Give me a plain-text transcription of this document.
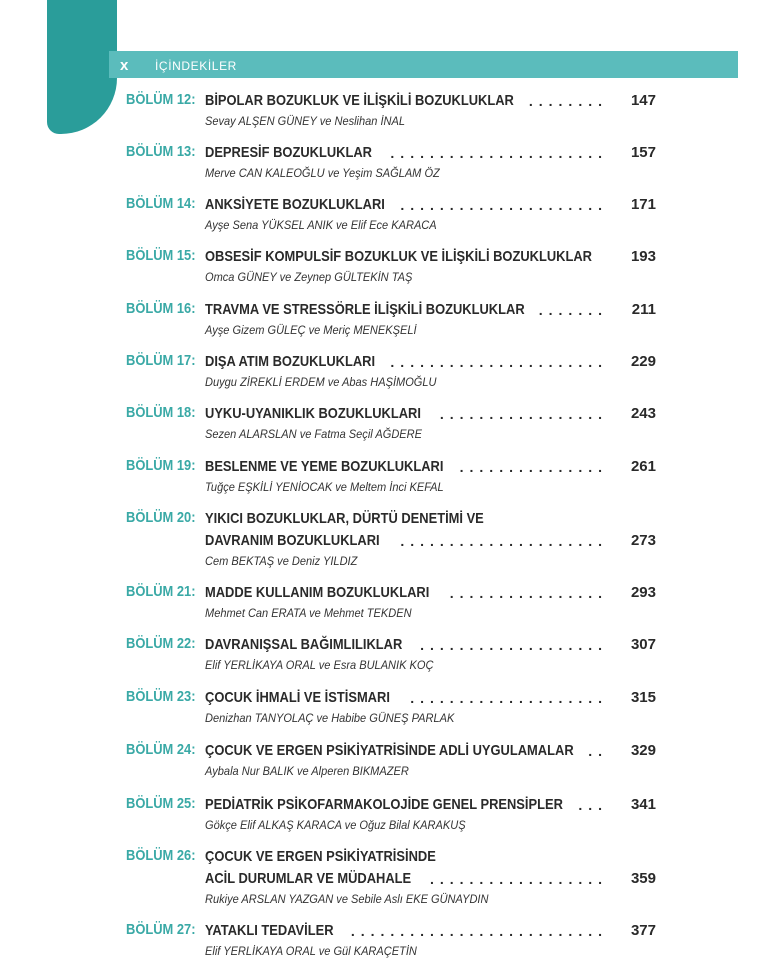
x İÇİNDEKİLER
BÖLÜM 12: BİPOLAR BOZUKLUK VE İLİŞKİLİ BOZUKLUKLAR	........	147
Sevay ALŞEN GÜNEY ve Neslihan İNAL
BÖLÜM 13: DEPRESİF BOZUKLUKLAR	......................	157
Merve CAN KALEOĞLU ve Yeşim SAĞLAM ÖZ
BÖLÜM 14: ANKSİYETE BOZUKLUKLARI	.....................	171
Ayşe Sena YÜKSEL ANIK ve Elif Ece KARACA
BÖLÜM 15: OBSESİF KOMPULSİF BOZUKLUK VE İLİŞKİLİ BOZUKLUKLAR	193
Omca GÜNEY ve Zeynep GÜLTEKİN TAŞ
BÖLÜM 16: TRAVMA VE STRESSÖRLE İLİŞKİLİ BOZUKLUKLAR	.......	211
Ayşe Gizem GÜLEÇ ve Meriç MENEKŞELİ
BÖLÜM 17: DIŞA ATIM BOZUKLUKLARI	......................	229
Duygu ZİREKLİ ERDEM ve Abas HAŞİMOĞLU
BÖLÜM 18: UYKU-UYANIKLIK BOZUKLUKLARI	.................	243
Sezen ALARSLAN ve Fatma Seçil AĞDERE
BÖLÜM 19: BESLENME VE YEME BOZUKLUKLARI	...............	261
Tuğçe EŞKİLİ YENİOCAK ve Meltem İnci KEFAL
BÖLÜM 20: YIKICI BOZUKLUKLAR, DÜRTÜ DENETİMİ VE
DAVRANIM BOZUKLUKLARI	.....................	273
Cem BEKTAŞ ve Deniz YILDIZ
BÖLÜM 21: MADDE KULLANIM BOZUKLUKLARI	................	293
Mehmet Can ERATA ve Mehmet TEKDEN
BÖLÜM 22: DAVRANIŞSAL BAĞIMLILIKLAR	...................	307
Elif YERLİKAYA ORAL ve Esra BULANIK KOÇ
BÖLÜM 23: ÇOCUK İHMALİ VE İSTİSMARI	....................	315
Denizhan TANYOLAÇ ve Habibe GÜNEŞ PARLAK
BÖLÜM 24: ÇOCUK VE ERGEN PSİKİYATRİSİNDE ADLİ UYGULAMALAR	..	329
Aybala Nur BALIK ve Alperen BIKMAZER
BÖLÜM 25: PEDİATRİK PSİKOFARMAKOLOJİDE GENEL PRENSİPLER	...	341
Gökçe Elif ALKAŞ KARACA ve Oğuz Bilal KARAKUŞ
BÖLÜM 26: ÇOCUK VE ERGEN PSİKİYATRİSİNDE
ACİL DURUMLAR VE MÜDAHALE	..................	359
Rukiye ARSLAN YAZGAN ve Sebile Aslı EKE GÜNAYDIN
BÖLÜM 27: YATAKLI TEDAVİLER	..........................	377
Elif YERLİKAYA ORAL ve Gül KARAÇETİN
